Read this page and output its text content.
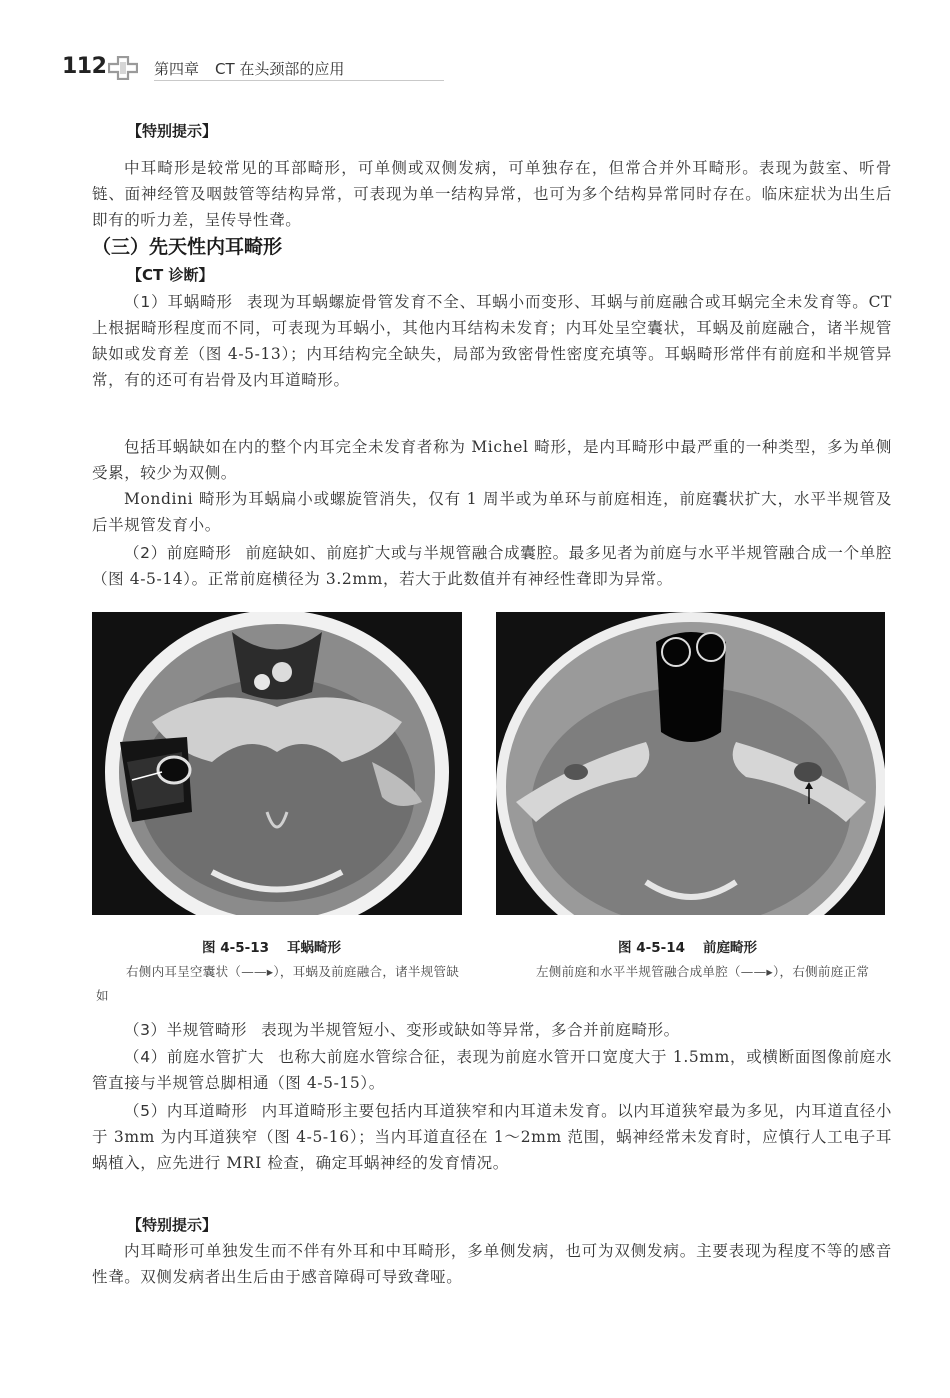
112	第四章 CT 在头颈部的应用
【特别提示】

中耳畸形是较常见的耳部畸形，可单侧或双侧发病，可单独存在，但常合并外耳畸形。表现为鼓室、听骨链、面神经管及咽鼓管等结构异常，可表现为单一结构异常，也可为多个结构异常同时存在。临床症状为出生后即有的听力差，呈传导性聋。

（三）先天性内耳畸形
【CT 诊断】

（1）耳蜗畸形 表现为耳蜗螺旋骨管发育不全、耳蜗小而变形、耳蜗与前庭融合或耳蜗完全未发育等。CT 上根据畸形程度而不同，可表现为耳蜗小，其他内耳结构未发育；内耳处呈空囊状，耳蜗及前庭融合，诸半规管缺如或发育差（图 4-5-13）；内耳结构完全缺失，局部为致密骨性密度充填等。耳蜗畸形常伴有前庭和半规管异常，有的还可有岩骨及内耳道畸形。

包括耳蜗缺如在内的整个内耳完全未发育者称为 Michel 畸形，是内耳畸形中最严重的一种类型，多为单侧受累，较少为双侧。

Mondini 畸形为耳蜗扁小或螺旋管消失，仅有 1 周半或为单环与前庭相连，前庭囊状扩大，水平半规管及后半规管发育小。

（2）前庭畸形 前庭缺如、前庭扩大或与半规管融合成囊腔。最多见者为前庭与水平半规管融合成一个单腔（图 4-5-14）。正常前庭横径为 3.2mm，若大于此数值并有神经性聋即为异常。

图 4-5-13 耳蜗畸形
右侧内耳呈空囊状（——▸），耳蜗及前庭融合，诸半规管缺如
图 4-5-14 前庭畸形
左侧前庭和水平半规管融合成单腔（——▸），右侧前庭正常

（3）半规管畸形 表现为半规管短小、变形或缺如等异常，多合并前庭畸形。

（4）前庭水管扩大 也称大前庭水管综合征，表现为前庭水管开口宽度大于 1.5mm，或横断面图像前庭水管直接与半规管总脚相通（图 4-5-15）。

（5）内耳道畸形 内耳道畸形主要包括内耳道狭窄和内耳道未发育。以内耳道狭窄最为多见，内耳道直径小于 3mm 为内耳道狭窄（图 4-5-16）；当内耳道直径在 1～2mm 范围，蜗神经常未发育时，应慎行人工电子耳蜗植入，应先进行 MRI 检查，确定耳蜗神经的发育情况。

【特别提示】

内耳畸形可单独发生而不伴有外耳和中耳畸形，多单侧发病，也可为双侧发病。主要表现为程度不等的感音性聋。双侧发病者出生后由于感音障碍可导致聋哑。
